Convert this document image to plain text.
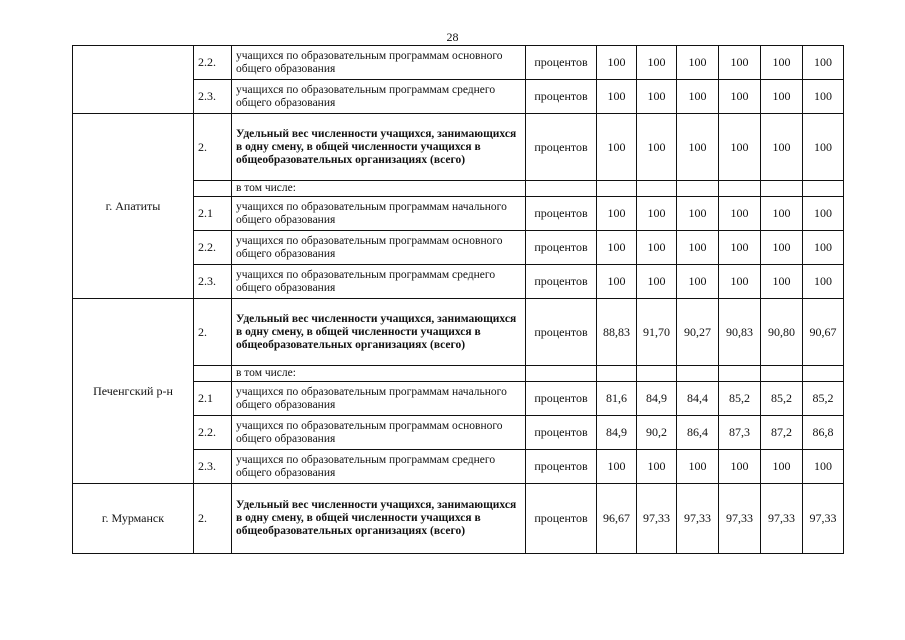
28
	2.2.	учащихся по образовательным программам основного общего образования	процентов	100	100	100	100	100	100
	2.3.	учащихся по образовательным программам среднего общего образования	процентов	100	100	100	100	100	100
г. Апатиты	2.	Удельный вес численности учащихся, занимающихся в одну смену, в общей численности учащихся в общеобразовательных организациях (всего)	процентов	100	100	100	100	100	100
		в том числе:							
	2.1	учащихся по образовательным программам начального общего образования	процентов	100	100	100	100	100	100
	2.2.	учащихся по образовательным программам основного общего образования	процентов	100	100	100	100	100	100
	2.3.	учащихся по образовательным программам среднего общего образования	процентов	100	100	100	100	100	100
Печенгский р-н	2.	Удельный вес численности учащихся, занимающихся в одну смену, в общей численности учащихся в общеобразовательных организациях (всего)	процентов	88,83	91,70	90,27	90,83	90,80	90,67
		в том числе:							
	2.1	учащихся по образовательным программам начального общего образования	процентов	81,6	84,9	84,4	85,2	85,2	85,2
	2.2.	учащихся по образовательным программам основного общего образования	процентов	84,9	90,2	86,4	87,3	87,2	86,8
	2.3.	учащихся по образовательным программам среднего общего образования	процентов	100	100	100	100	100	100
г. Мурманск	2.	Удельный вес численности учащихся, занимающихся в одну смену, в общей численности учащихся в общеобразовательных организациях (всего)	процентов	96,67	97,33	97,33	97,33	97,33	97,33
